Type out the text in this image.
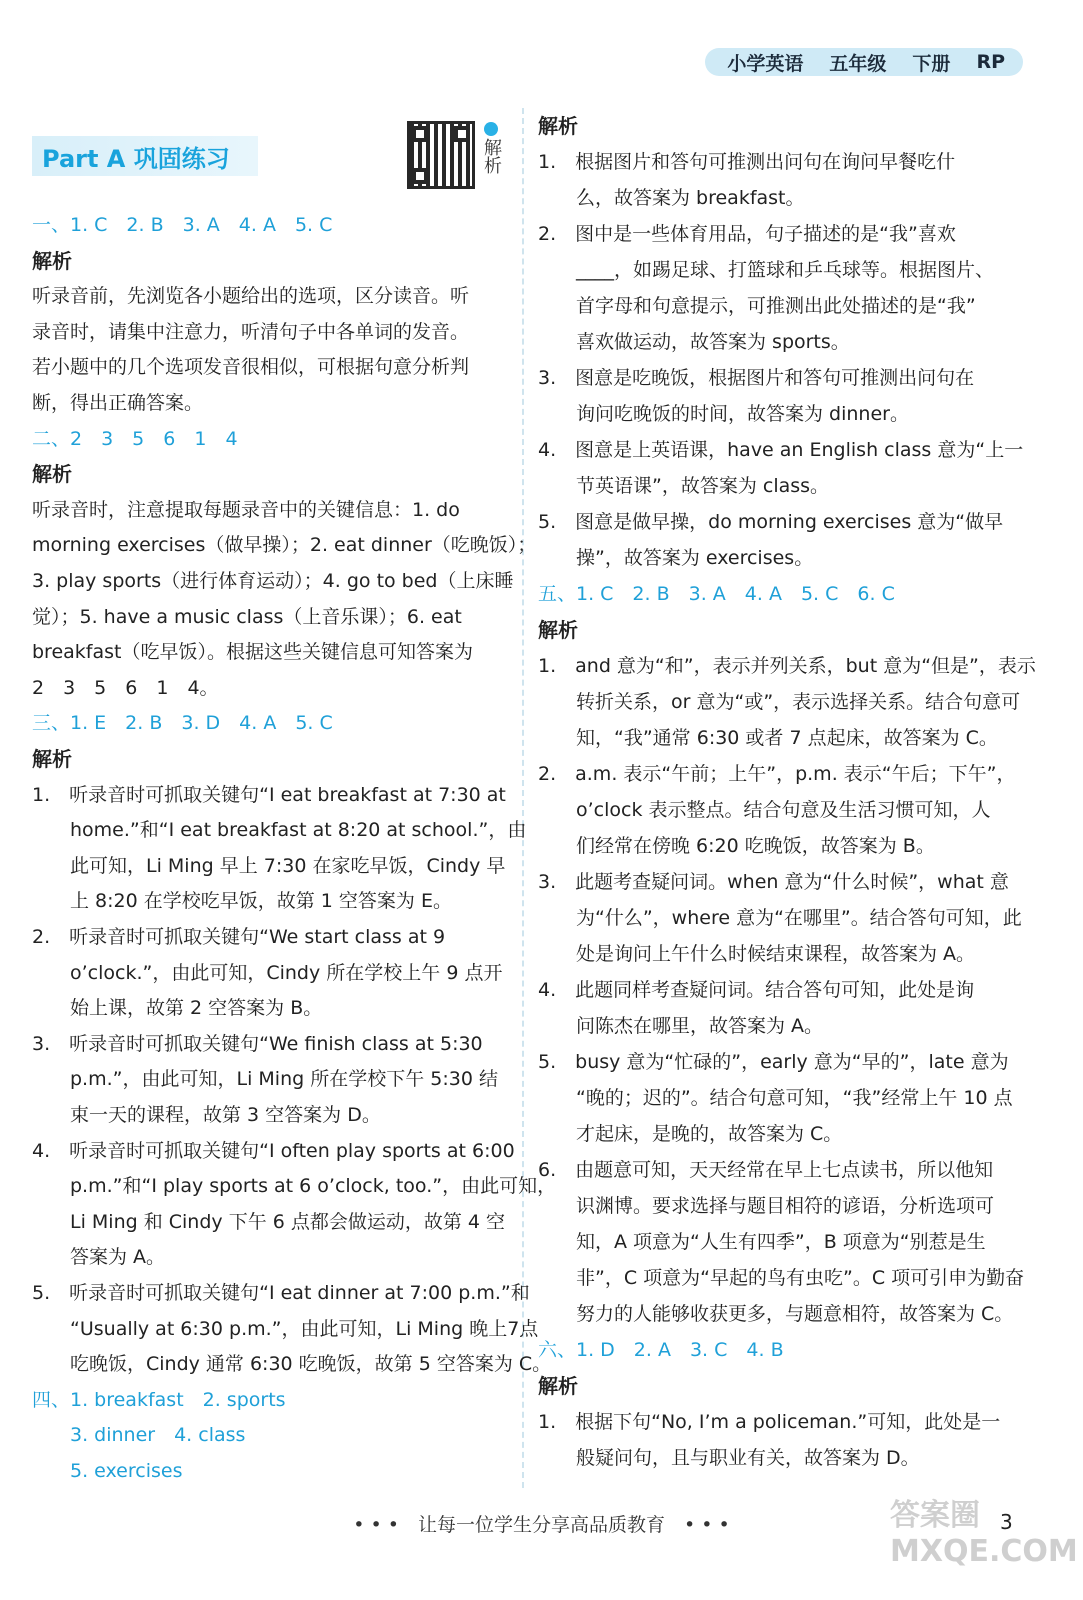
小学英语 五年级 下册 RP
Part A 巩固练习	解析
一、1. C　2. B　3. A　4. A　5. C
解析
听录音前，先浏览各小题给出的选项，区分读音。听
录音时，请集中注意力，听清句子中各单词的发音。
若小题中的几个选项发音很相似，可根据句意分析判
断，得出正确答案。
二、2　3　5　6　1　4
解析
听录音时，注意提取每题录音中的关键信息：1. do
morning exercises（做早操）；2. eat dinner（吃晚饭）；
3. play sports（进行体育运动）；4. go to bed（上床睡
觉）；5. have a music class（上音乐课）；6. eat
breakfast（吃早饭）。根据这些关键信息可知答案为
2　3　5　6　1　4。
三、1. E　2. B　3. D　4. A　5. C
解析
1.　听录音时可抓取关键句“I eat breakfast at 7:30 at
　　home.”和“I eat breakfast at 8:20 at school.”，由
　　此可知，Li Ming 早上 7:30 在家吃早饭，Cindy 早
　　上 8:20 在学校吃早饭，故第 1 空答案为 E。
2.　听录音时可抓取关键句“We start class at 9
　　o’clock.”，由此可知，Cindy 所在学校上午 9 点开
　　始上课，故第 2 空答案为 B。
3.　听录音时可抓取关键句“We finish class at 5:30
　　p.m.”，由此可知，Li Ming 所在学校下午 5:30 结
　　束一天的课程，故第 3 空答案为 D。
4.　听录音时可抓取关键句“I often play sports at 6:00
　　p.m.”和“I play sports at 6 o’clock, too.”，由此可知，
　　Li Ming 和 Cindy 下午 6 点都会做运动，故第 4 空
　　答案为 A。
5.　听录音时可抓取关键句“I eat dinner at 7:00 p.m.”和
　　“Usually at 6:30 p.m.”，由此可知，Li Ming 晚上7点
　　吃晚饭，Cindy 通常 6:30 吃晚饭，故第 5 空答案为 C。
四、1. breakfast　2. sports
　　3. dinner　4. class
　　5. exercises
解析
1.　根据图片和答句可推测出问句在询问早餐吃什
　　么，故答案为 breakfast。
2.　图中是一些体育用品，句子描述的是“我”喜欢
　　____，如踢足球、打篮球和乒乓球等。根据图片、
　　首字母和句意提示，可推测出此处描述的是“我”
　　喜欢做运动，故答案为 sports。
3.　图意是吃晚饭，根据图片和答句可推测出问句在
　　询问吃晚饭的时间，故答案为 dinner。
4.　图意是上英语课，have an English class 意为“上一
　　节英语课”，故答案为 class。
5.　图意是做早操，do morning exercises 意为“做早
　　操”，故答案为 exercises。
五、1. C　2. B　3. A　4. A　5. C　6. C
解析
1.　and 意为“和”，表示并列关系，but 意为“但是”，表示
　　转折关系，or 意为“或”，表示选择关系。结合句意可
　　知，“我”通常 6:30 或者 7 点起床，故答案为 C。
2.　a.m. 表示“午前；上午”，p.m. 表示“午后；下午”，
　　o’clock 表示整点。结合句意及生活习惯可知，人
　　们经常在傍晚 6:20 吃晚饭，故答案为 B。
3.　此题考查疑问词。when 意为“什么时候”，what 意
　　为“什么”，where 意为“在哪里”。结合答句可知，此
　　处是询问上午什么时候结束课程，故答案为 A。
4.　此题同样考查疑问词。结合答句可知，此处是询
　　问陈杰在哪里，故答案为 A。
5.　busy 意为“忙碌的”，early 意为“早的”，late 意为
　　“晚的；迟的”。结合句意可知，“我”经常上午 10 点
　　才起床，是晚的，故答案为 C。
6.　由题意可知，天天经常在早上七点读书，所以他知
　　识渊博。要求选择与题目相符的谚语，分析选项可
　　知，A 项意为“人生有四季”，B 项意为“别惹是生
　　非”，C 项意为“早起的鸟有虫吃”。C 项可引申为勤奋
　　努力的人能够收获更多，与题意相符，故答案为 C。
六、1. D　2. A　3. C　4. B
解析
1.　根据下句“No, I’m a policeman.”可知，此处是一
　　般疑问句，且与职业有关，故答案为 D。
• • •　让每一位学生分享高品质教育　• • •	3
答案圈 MXQE.COM
